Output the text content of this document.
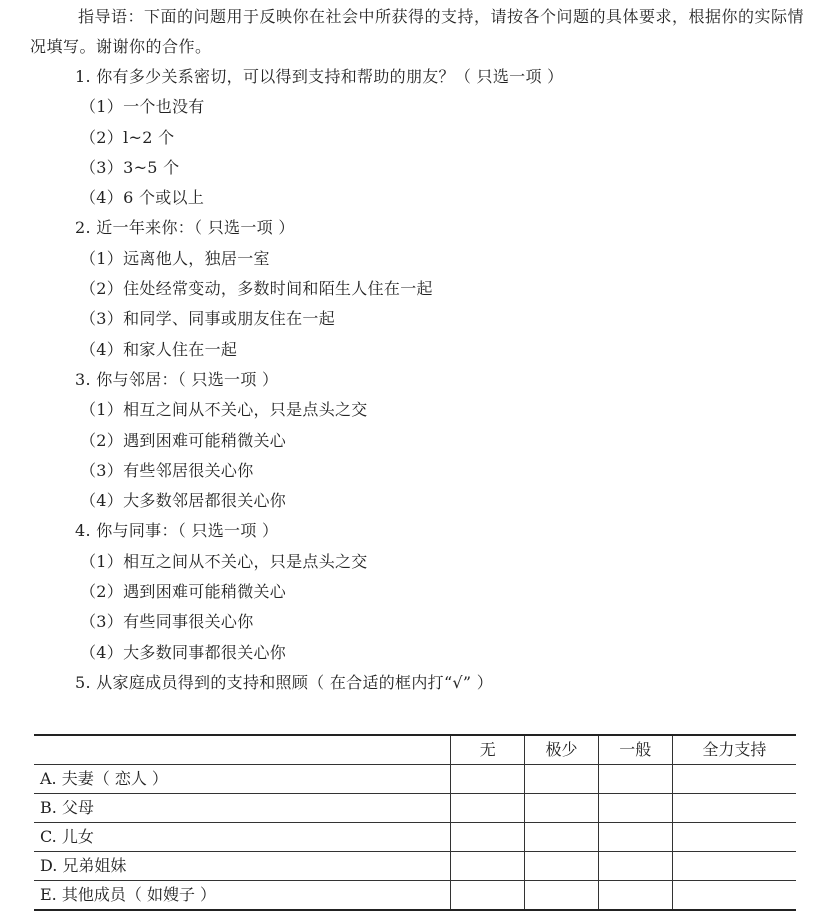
指导语：下面的问题用于反映你在社会中所获得的支持，请按各个问题的具体要求，根据你的实际情况填写。谢谢你的合作。

1. 你有多少关系密切，可以得到支持和帮助的朋友？（ 只选一项 ）
（1）一个也没有
（2）l~2 个
（3）3~5 个
（4）6 个或以上
2. 近一年来你：（ 只选一项 ）
（1）远离他人，独居一室
（2）住处经常变动，多数时间和陌生人住在一起
（3）和同学、同事或朋友住在一起
（4）和家人住在一起
3. 你与邻居：（ 只选一项 ）
（1）相互之间从不关心，只是点头之交
（2）遇到困难可能稍微关心
（3）有些邻居很关心你
（4）大多数邻居都很关心你
4. 你与同事：（ 只选一项 ）
（1）相互之间从不关心，只是点头之交
（2）遇到困难可能稍微关心
（3）有些同事很关心你
（4）大多数同事都很关心你
5. 从家庭成员得到的支持和照顾（ 在合适的框内打“√” ）
	无	极少	一般	全力支持
A. 夫妻（ 恋人 ）				
B. 父母				
C. 儿女				
D. 兄弟姐妹				
E. 其他成员（ 如嫂子 ）				
